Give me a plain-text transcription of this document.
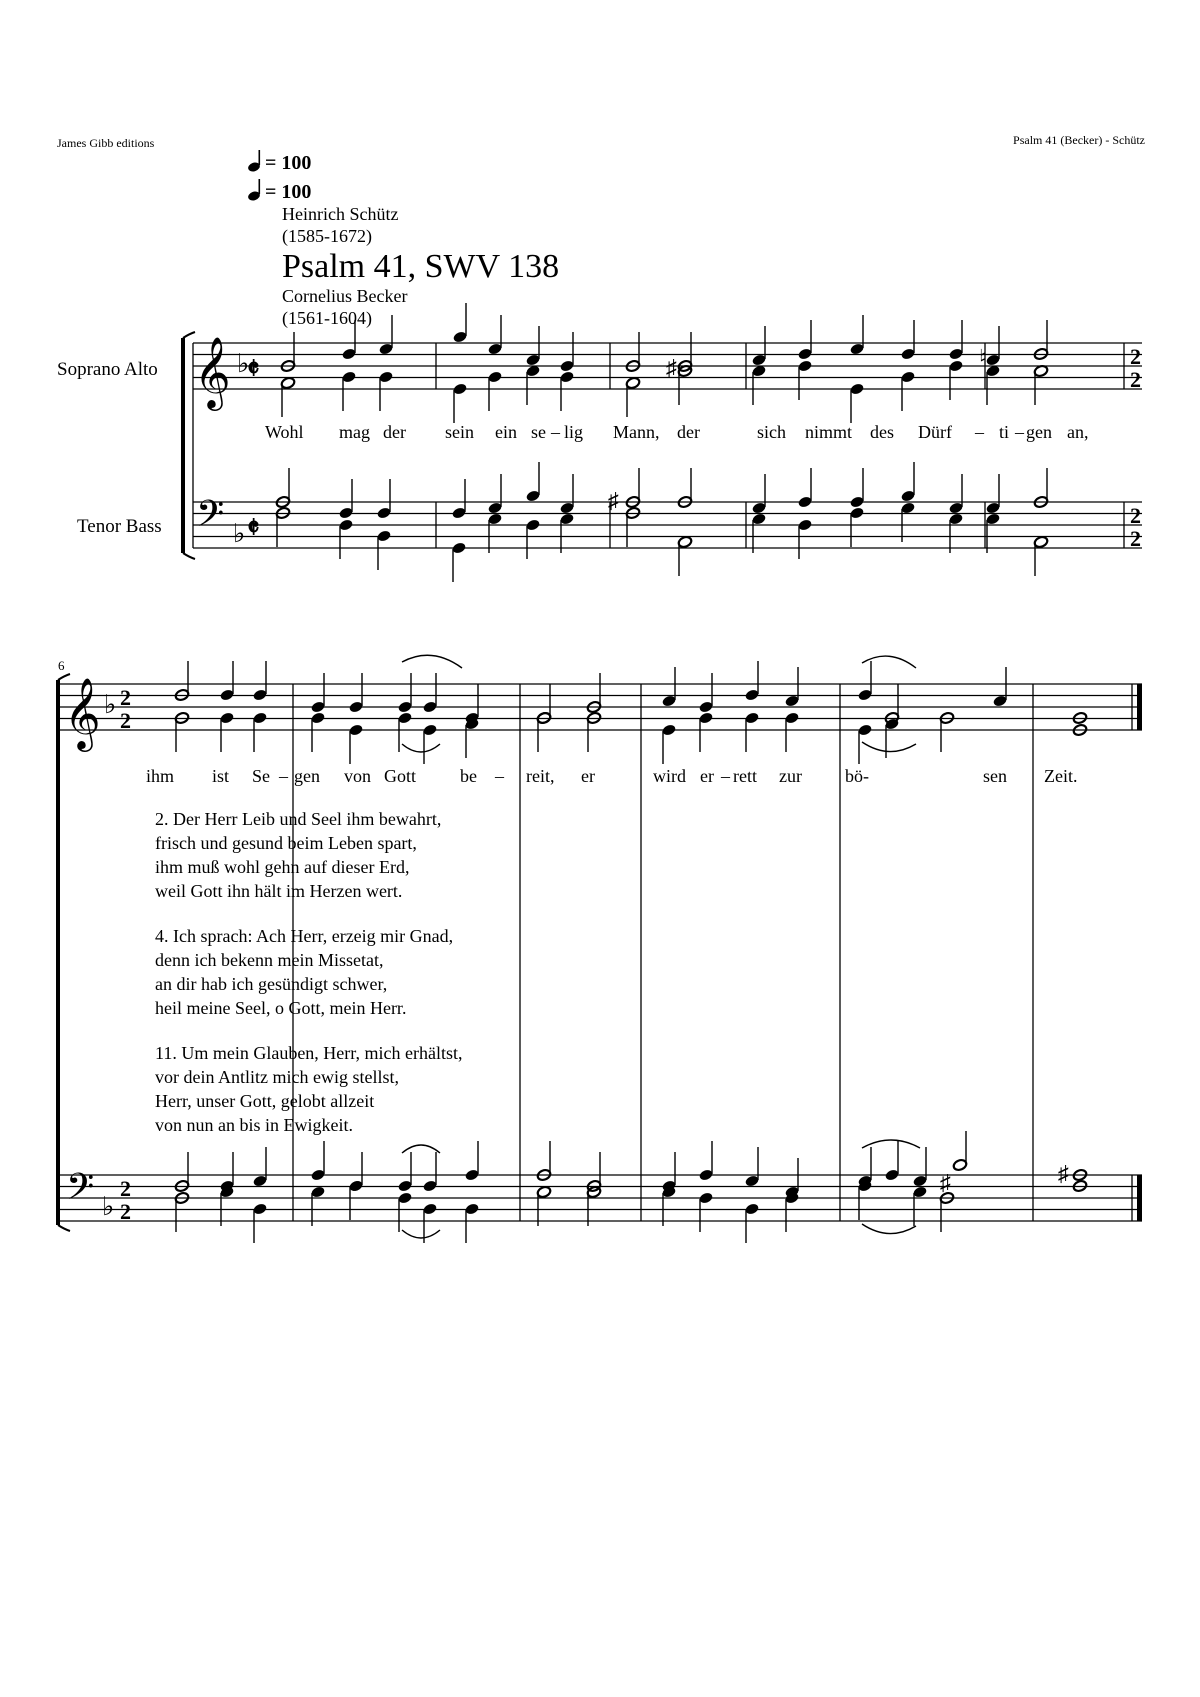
James Gibb editions	Psalm 41 (Becker) - Schütz
= 100
= 100
Heinrich Schütz
(1585-1672)
Psalm 41, SWV 138
Cornelius Becker
(1561-1604)
Soprano Alto
Tenor Bass
𝄞
𝄢
♭
♭
𝄵
𝄵
2
2
2
2
♯
♯
♮
6
𝄞
𝄢
♭
♭
2
2
2
2
♯	♯
Wohl mag der sein ein se – lig Mann, der	sich nimmt des Dürf – ti – gen an,
ihm ist Se – gen von Gott be – reit, er	wird er – rett zur bö-	sen Zeit.
2. Der Herr Leib und Seel ihm bewahrt,
frisch und gesund beim Leben spart,
ihm muß wohl gehn auf dieser Erd,
weil Gott ihn hält im Herzen wert.
4. Ich sprach: Ach Herr, erzeig mir Gnad,
denn ich bekenn mein Missetat,
an dir hab ich gesündigt schwer,
heil meine Seel, o Gott, mein Herr.
11. Um mein Glauben, Herr, mich erhältst,
vor dein Antlitz mich ewig stellst,
Herr, unser Gott, gelobt allzeit
von nun an bis in Ewigkeit.
